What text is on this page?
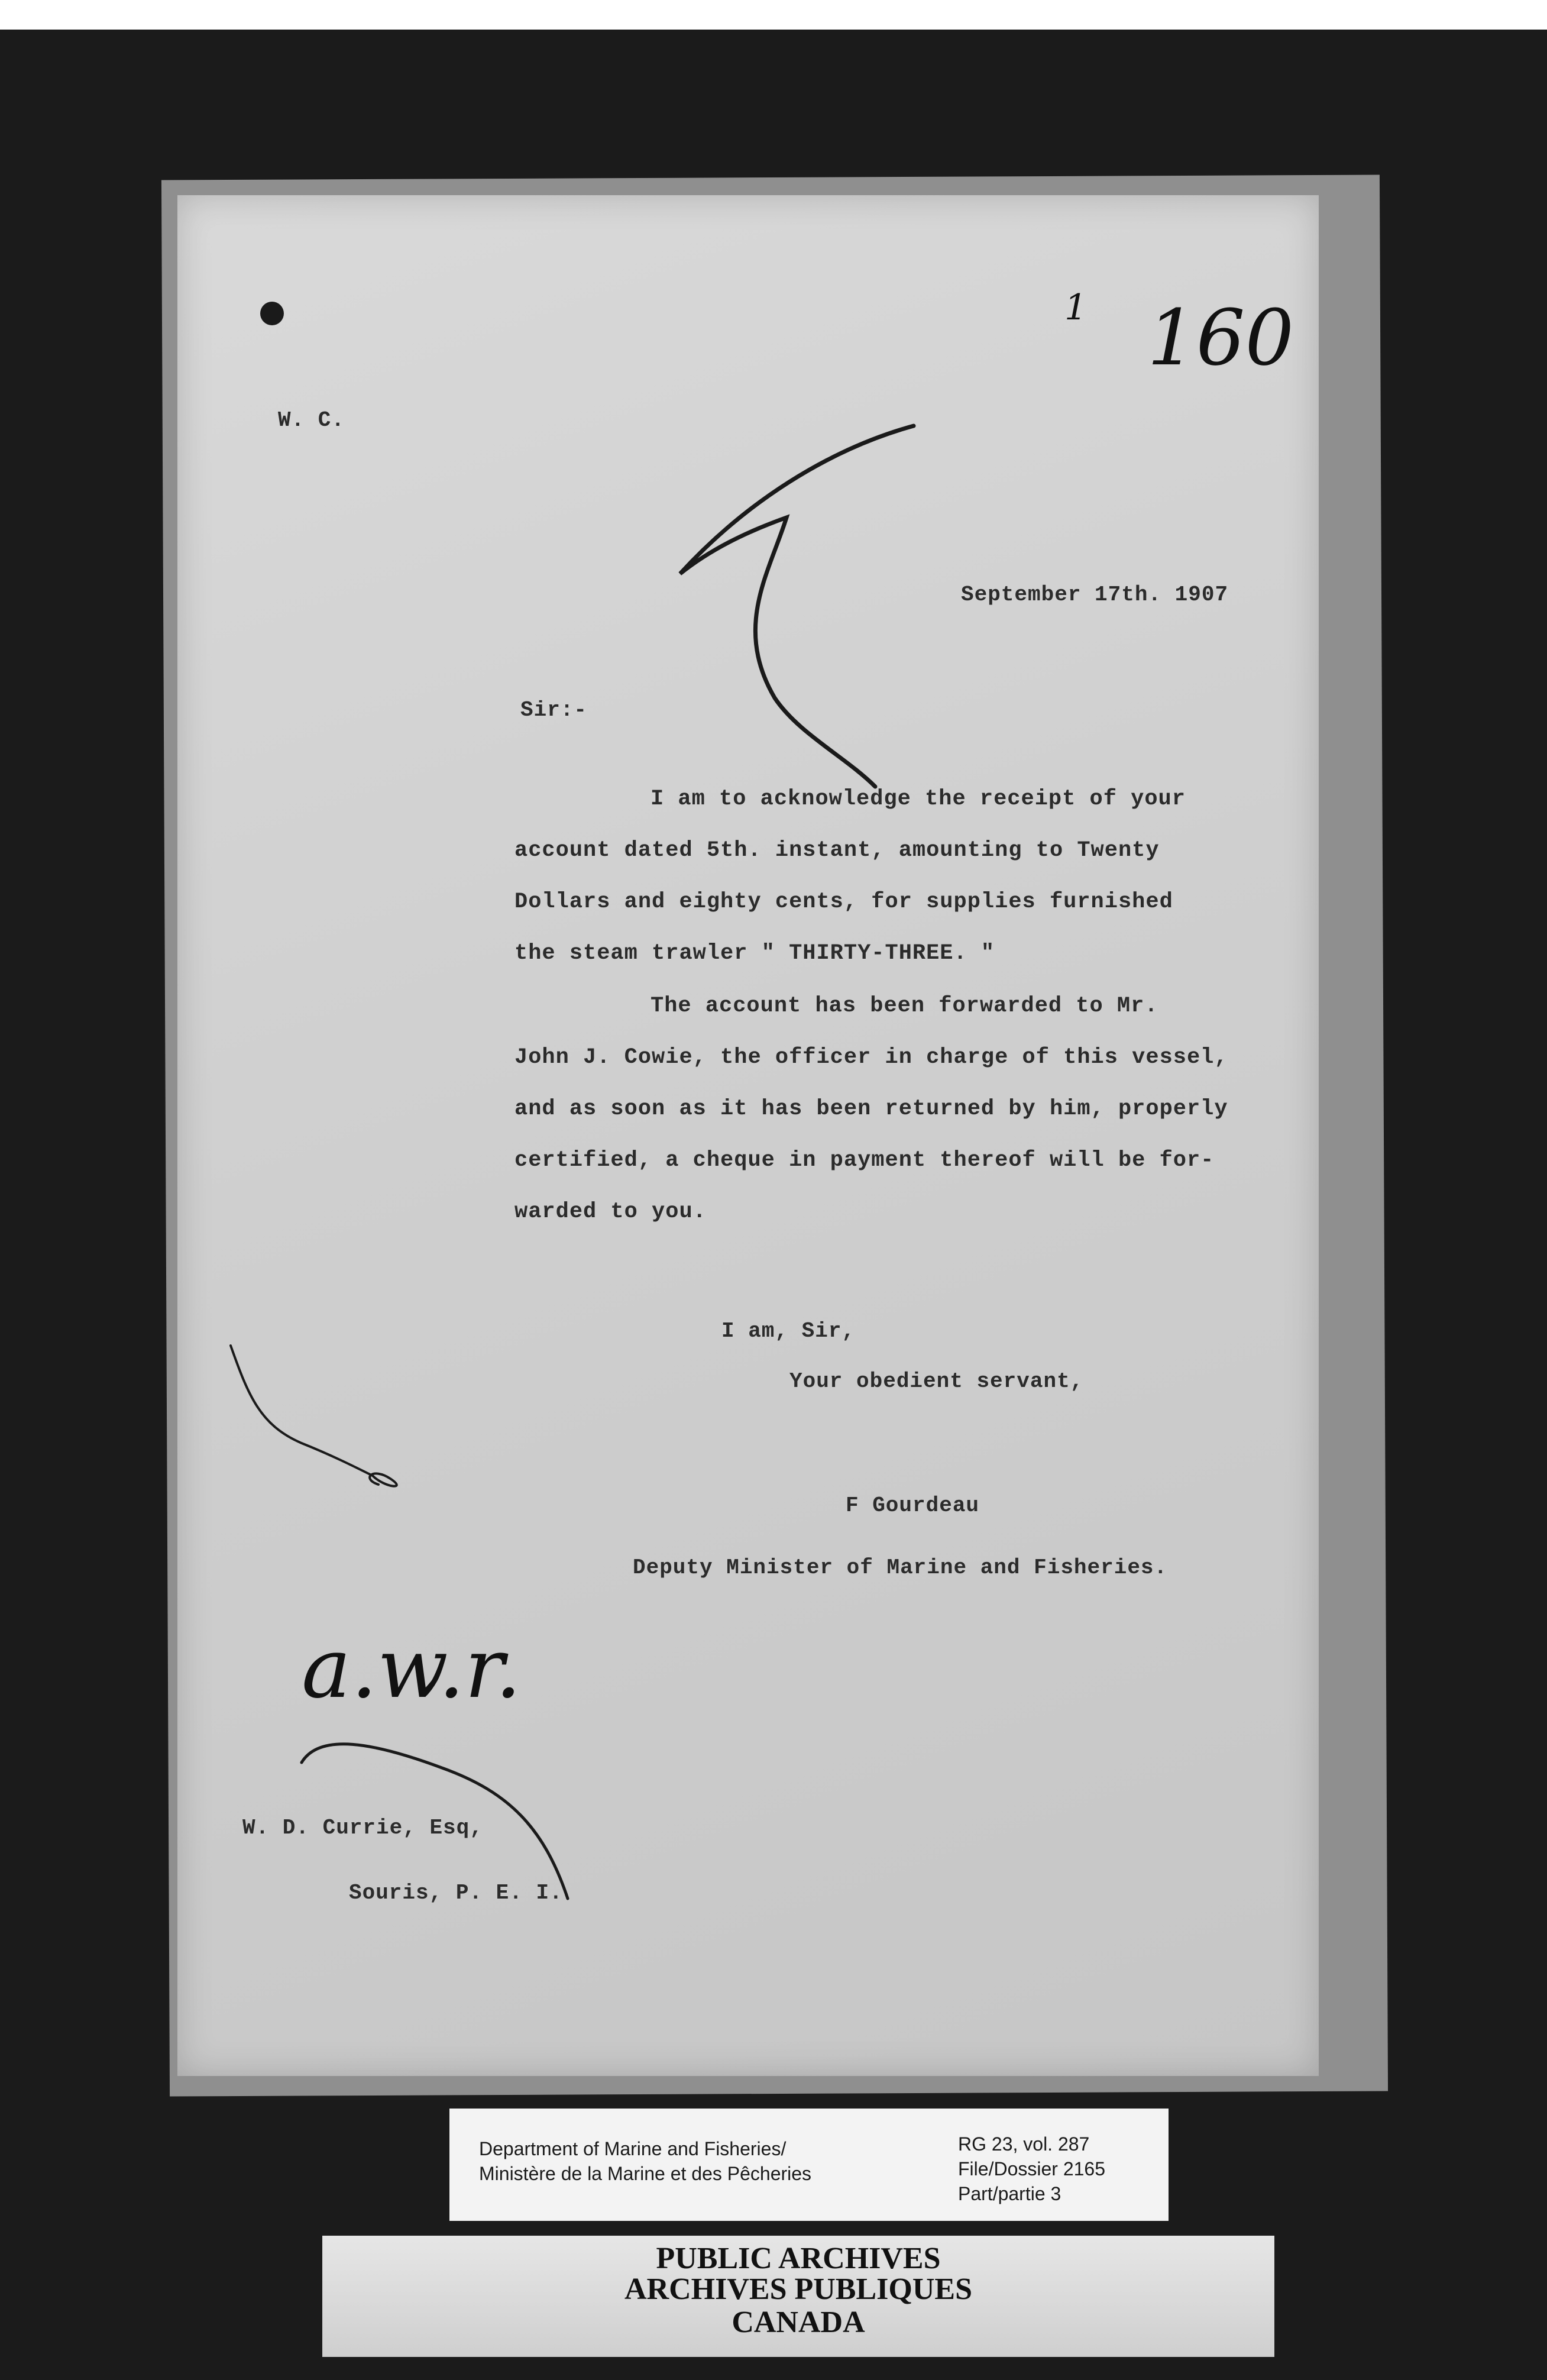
1 160
W. C.
September 17th. 1907
Sir:-
I am to acknowledge the receipt of your
account dated 5th. instant, amounting to Twenty
Dollars and eighty cents, for supplies furnished
the steam trawler " THIRTY-THREE. "
The account has been forwarded to Mr.
John J. Cowie, the officer in charge of this vessel,
and as soon as it has been returned by him, properly
certified, a cheque in payment thereof will be for-
warded to you.
I am, Sir,
Your obedient servant,
F Gourdeau
Deputy Minister of Marine and Fisheries.
a.w.r.
W. D. Currie, Esq,
Souris, P. E. I.
Department of Marine and Fisheries/
Ministère de la Marine et des Pêcheries
RG 23, vol. 287
File/Dossier 2165
Part/partie 3
PUBLIC ARCHIVES
ARCHIVES PUBLIQUES
CANADA
